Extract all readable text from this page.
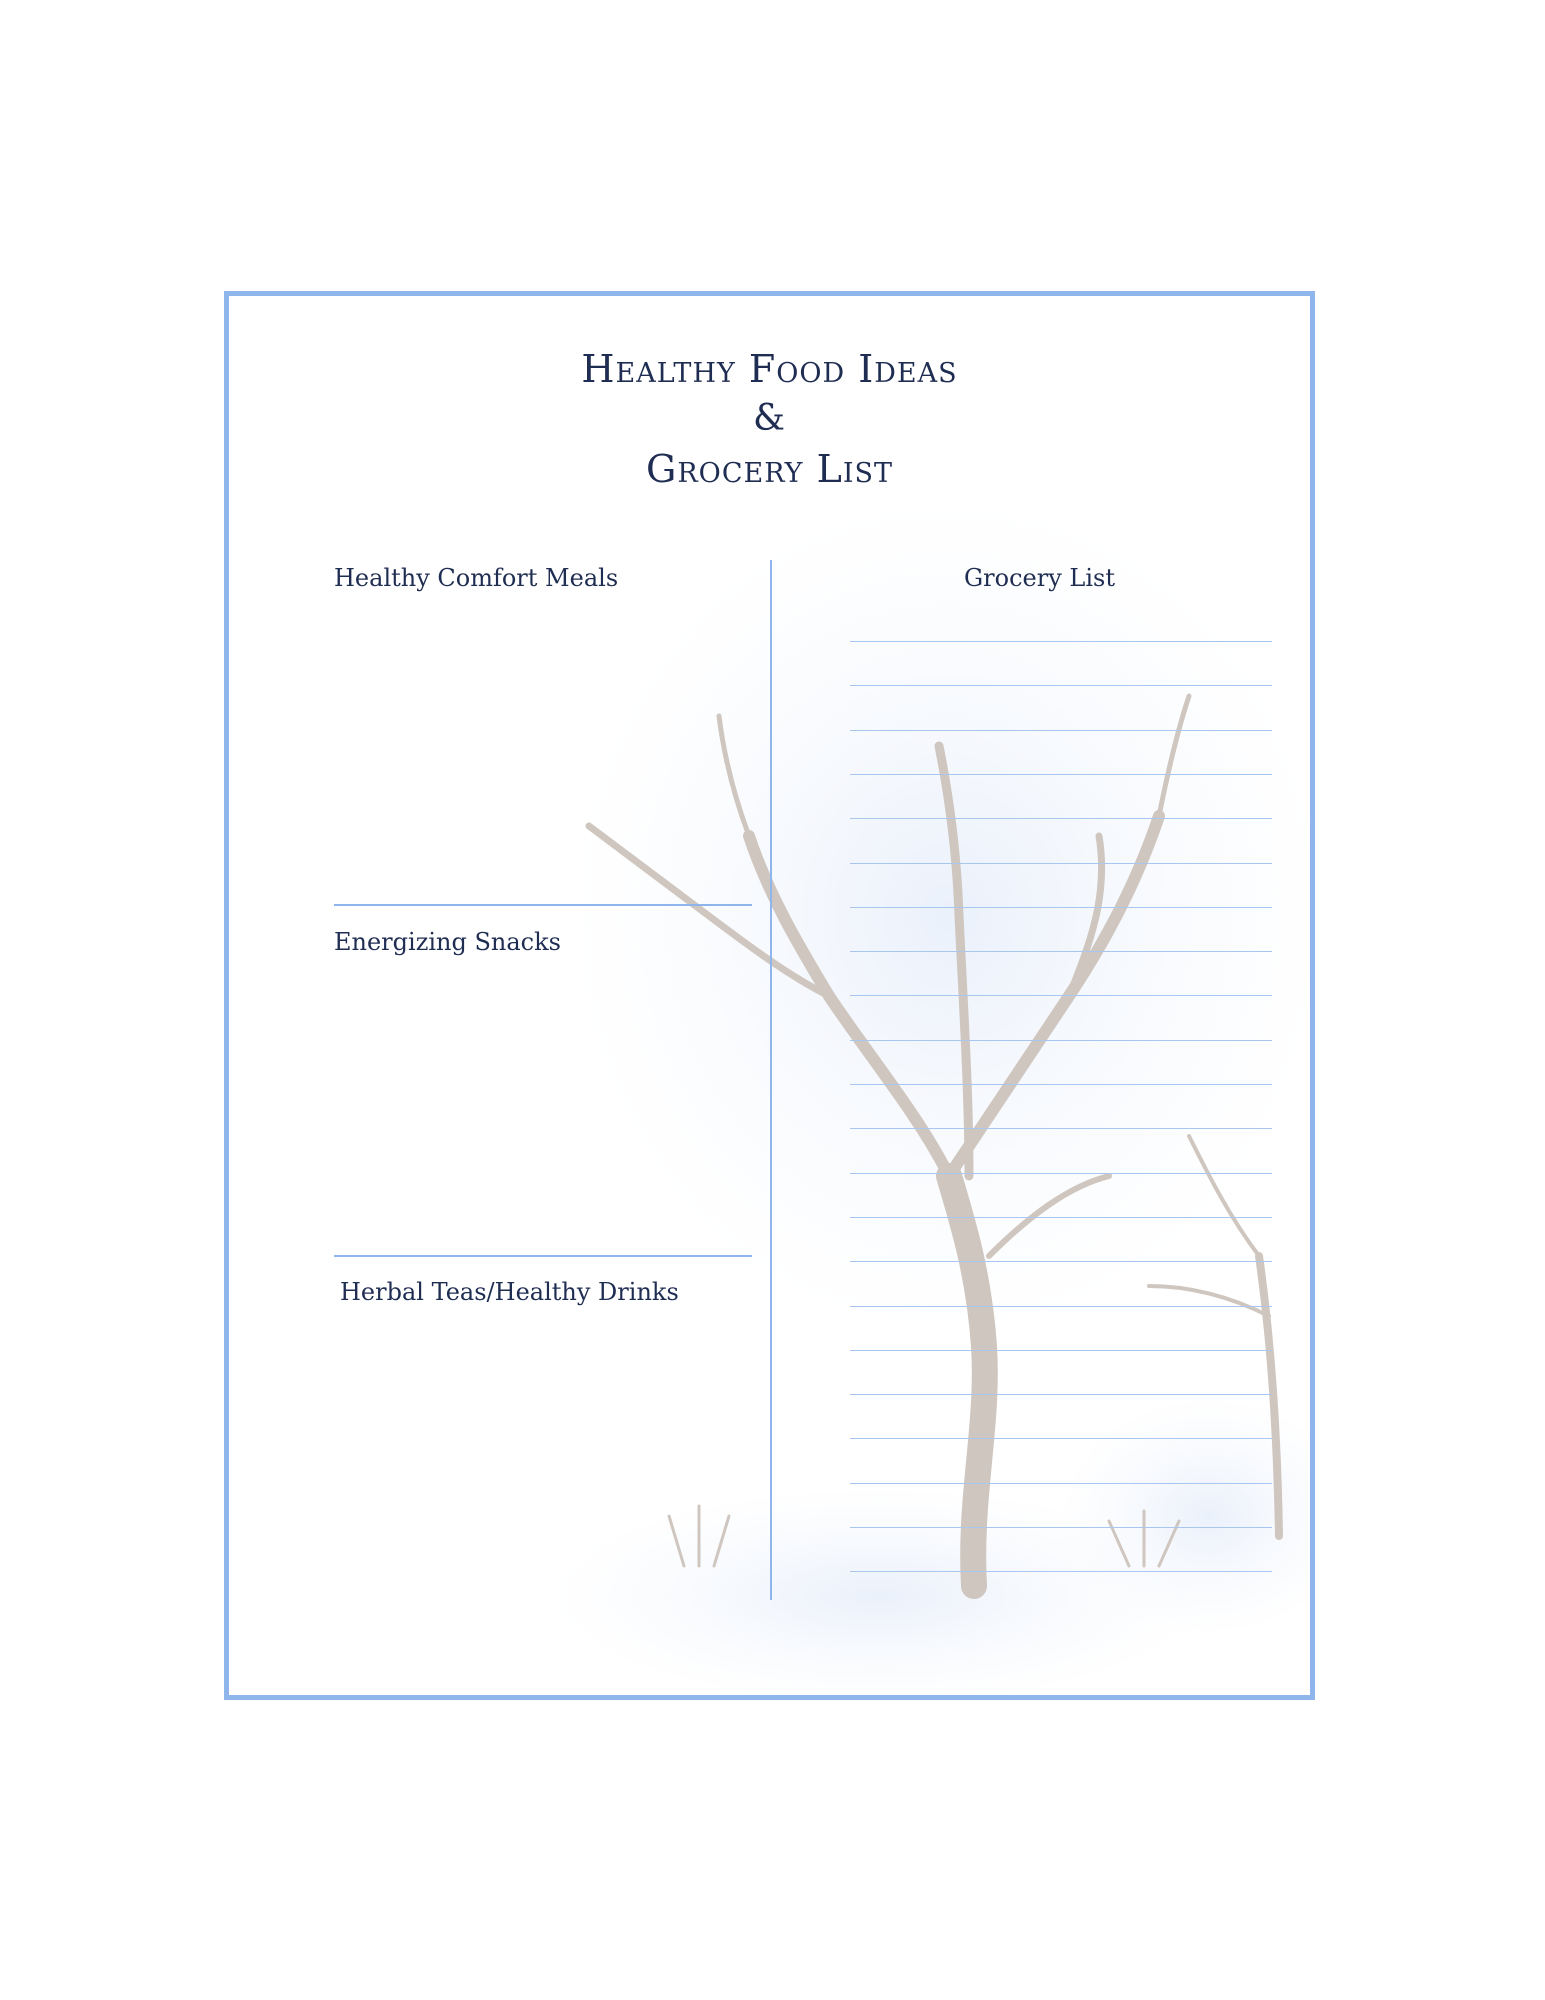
Healthy Food Ideas
&
Grocery List
Healthy Comfort Meals
Energizing Snacks
Herbal Teas/Healthy Drinks
Grocery List
